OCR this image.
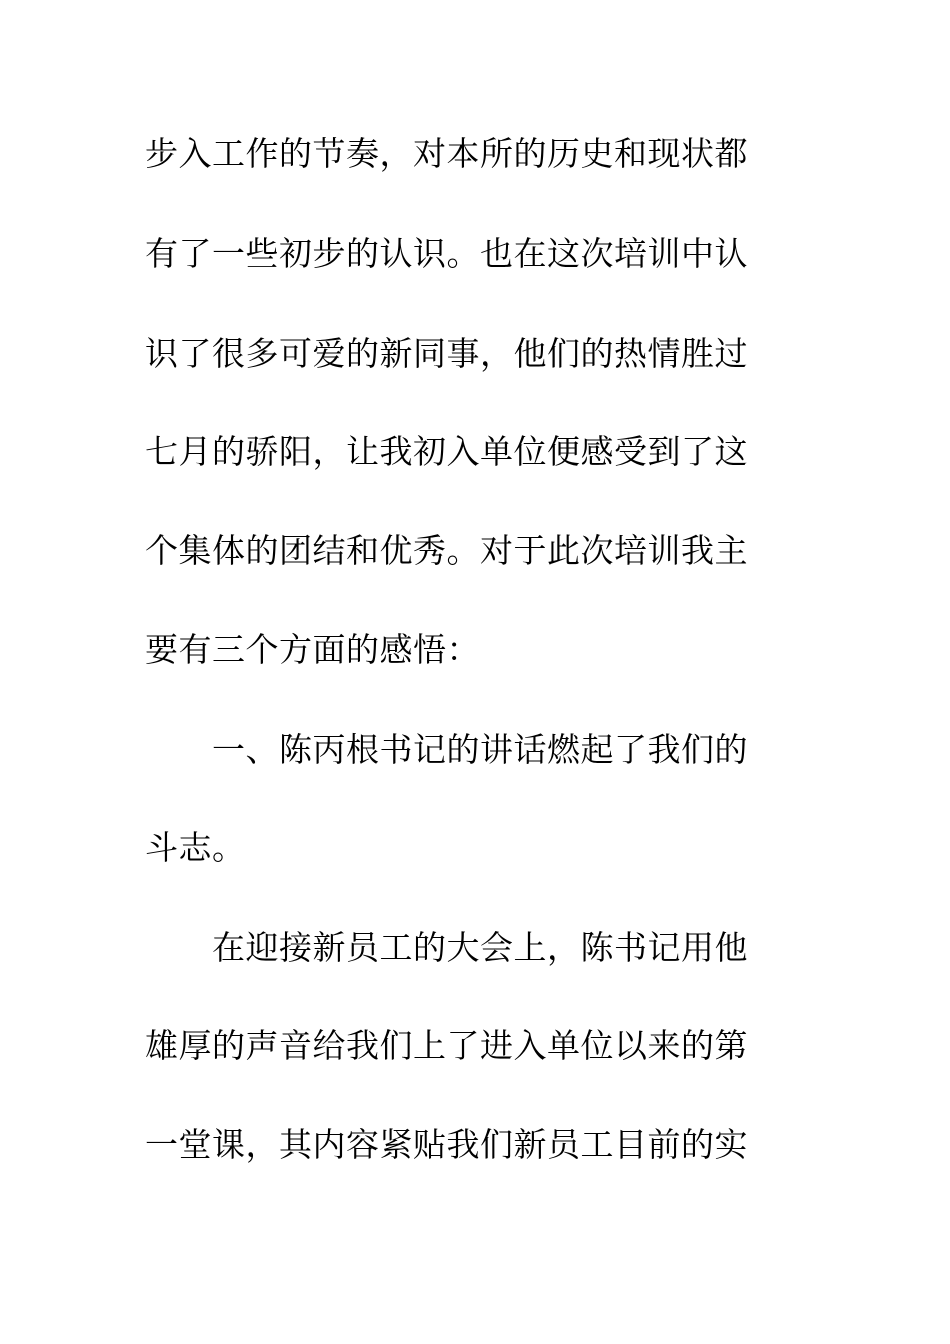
步入工作的节奏，对本所的历史和现状都
有了一些初步的认识。也在这次培训中认
识了很多可爱的新同事，他们的热情胜过
七月的骄阳，让我初入单位便感受到了这
个集体的团结和优秀。对于此次培训我主
要有三个方面的感悟：
一、陈丙根书记的讲话燃起了我们的
斗志。
在迎接新员工的大会上，陈书记用他
雄厚的声音给我们上了进入单位以来的第
一堂课，其内容紧贴我们新员工目前的实
